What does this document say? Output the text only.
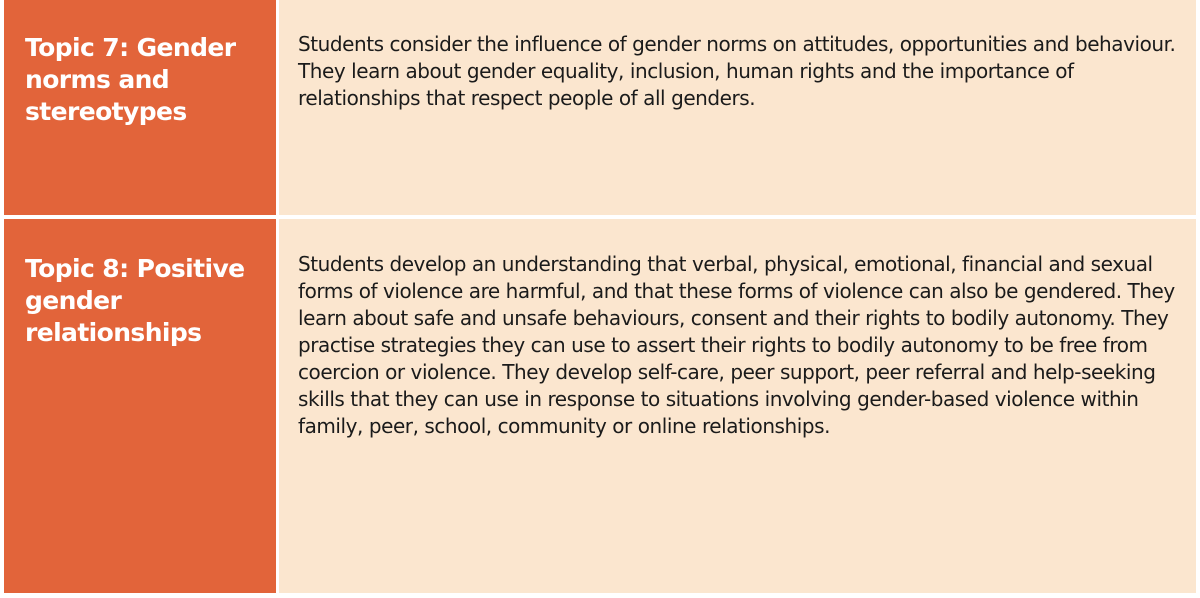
Topic 7: Gender norms and stereotypes

Students consider the influence of gender norms on attitudes, opportunities and behaviour. They learn about gender equality, inclusion, human rights and the importance of relationships that respect people of all genders.

Topic 8: Positive gender relationships

Students develop an understanding that verbal, physical, emotional, financial and sexual forms of violence are harmful, and that these forms of violence can also be gendered. They learn about safe and unsafe behaviours, consent and their rights to bodily autonomy. They practise strategies they can use to assert their rights to bodily autonomy to be free from coercion or violence. They develop self-care, peer support, peer referral and help-seeking skills that they can use in response to situations involving gender-based violence within family, peer, school, community or online relationships.
